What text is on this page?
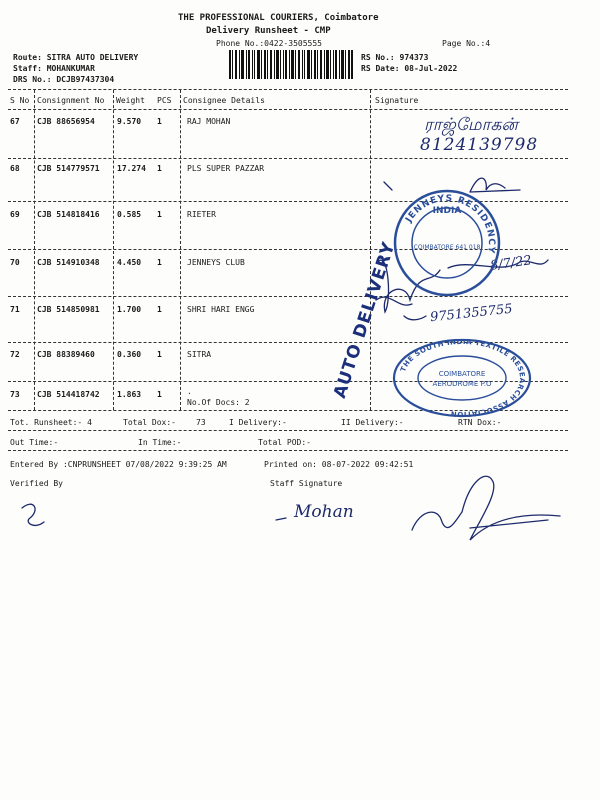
THE PROFESSIONAL COURIERS, Coimbatore
Delivery Runsheet - CMP
Phone No.:0422-3505555	Page No.:4
Route: SITRA AUTO DELIVERY
Staff: MOHANKUMAR
DRS No.: DCJB97437304
RS No.: 974373
RS Date: 08-Jul-2022
S No Consignment No Weight PCS Consignee Details	Signature
67 CJB 88656954	9.570 1	RAJ MOHAN
68 CJB 514779571 17.274 1	PLS SUPER PAZZAR
69 CJB 514818416 0.585 1	RIETER
70 CJB 514910348 4.450 1	JENNEYS CLUB
71 CJB 514850981 1.700 1	SHRI HARI ENGG
72 CJB 88389460	0.360 1	SITRA
73 CJB 514418742 1.863 1	.
No.Of Docs: 2
Tot. Runsheet:- 4	Total Dox:-	73	I Delivery:-	II Delivery:-	RTN Dox:-
Out Time:-	In Time:-	Total POD:-
Entered By :CNPRUNSHEET 07/08/2022 9:39:25 AM	Printed on: 08-07-2022 09:42:51
Verified By	Staff Signature
ராஜ்மோகன்
8124139798
9751355755
Mohan
8/7/22
AUTO DELIVERY
JENNEYS RESIDENCY
INDIA
COIMBATORE 641 018
THE SOUTH INDIA TEXTILE RESEARCH ASSOCIATION
COIMBATORE
AERODROME P.O
